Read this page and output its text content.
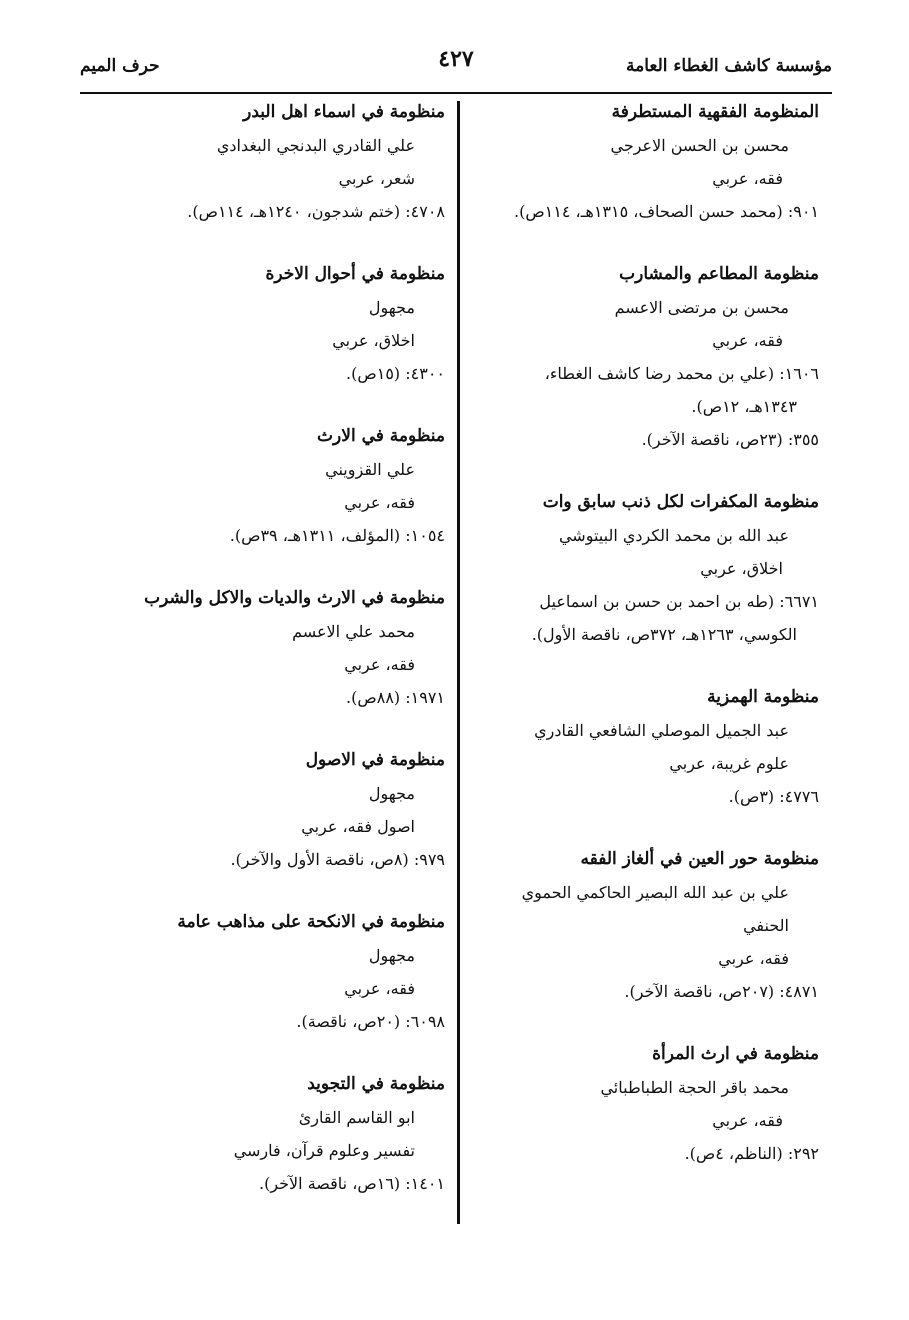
مؤسسة كاشف الغطاء العامة
٤٢٧
حرف الميم
المنظومة الفقهية المستطرفة
محسن بن الحسن الاعرجي
فقه، عربي
٩٠١: (محمد حسن الصحاف، ١٣١٥هـ، ١١٤ص).
منظومة المطاعم والمشارب
محسن بن مرتضى الاعسم
فقه، عربي
١٦٠٦: (علي بن محمد رضا كاشف الغطاء،
١٣٤٣هـ، ١٢ص).
٣٥٥: (٢٣ص، ناقصة الآخر).
منظومة المكفرات لكل ذنب سابق وات
عبد الله بن محمد الكردي البيتوشي
اخلاق، عربي
٦٦٧١: (طه بن احمد بن حسن بن اسماعيل
الكوسي، ١٢٦٣هـ، ٣٧٢ص، ناقصة الأول).
منظومة الهمزية
عبد الجميل الموصلي الشافعي القادري
علوم غريبة، عربي
٤٧٧٦: (٣ص).
منظومة حور العين في ألغاز الفقه
علي بن عبد الله البصير الحاكمي الحموي
الحنفي
فقه، عربي
٤٨٧١: (٢٠٧ص، ناقصة الآخر).
منظومة في ارث المرأة
محمد باقر الحجة الطباطبائي
فقه، عربي
٢٩٢: (الناظم، ٤ص).
منظومة في اسماء اهل البدر
علي القادري البدنجي البغدادي
شعر، عربي
٤٧٠٨: (ختم شدجون، ١٢٤٠هـ، ١١٤ص).
منظومة في أحوال الاخرة
مجهول
اخلاق، عربي
٤٣٠٠: (١٥ص).
منظومة في الارث
علي القزويني
فقه، عربي
١٠٥٤: (المؤلف، ١٣١١هـ، ٣٩ص).
منظومة في الارث والديات والاكل والشرب
محمد علي الاعسم
فقه، عربي
١٩٧١: (٨٨ص).
منظومة في الاصول
مجهول
اصول فقه، عربي
٩٧٩: (٨ص، ناقصة الأول والآخر).
منظومة في الانكحة على مذاهب عامة
مجهول
فقه، عربي
٦٠٩٨: (٢٠ص، ناقصة).
منظومة في التجويد
ابو القاسم القارئ
تفسير وعلوم قرآن، فارسي
١٤٠١: (١٦ص، ناقصة الآخر).
